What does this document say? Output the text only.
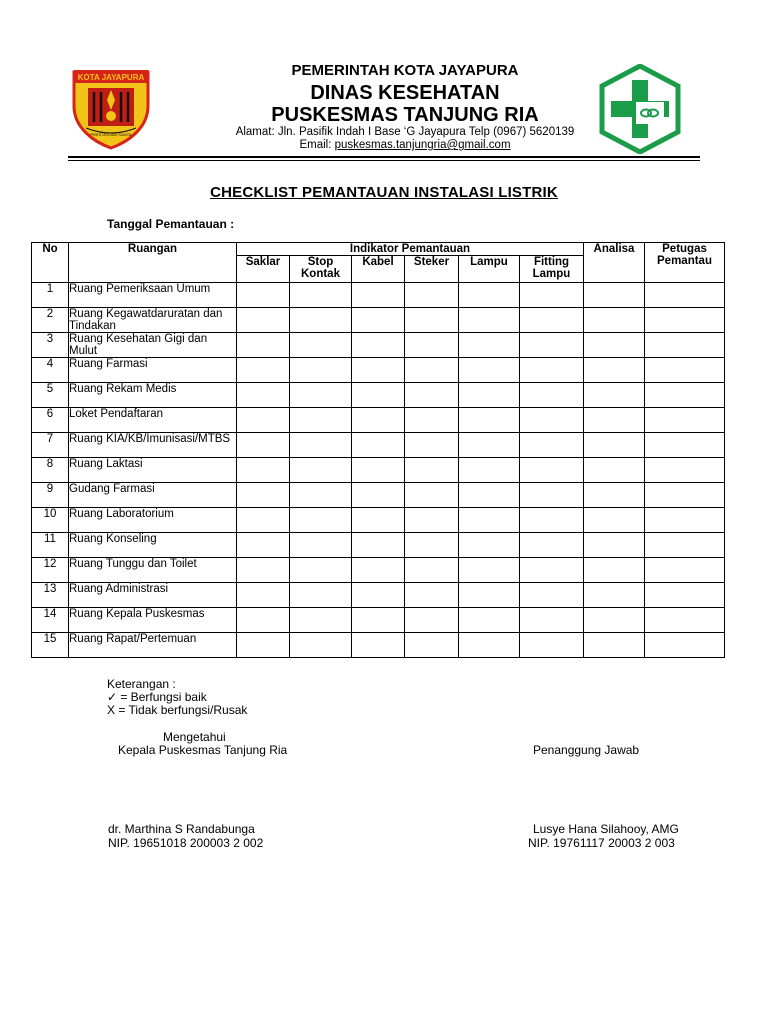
KOTA JAYAPURA
PRESTASI ADI SANTA
PEMERINTAH KOTA JAYAPURA
DINAS KESEHATAN
PUSKESMAS TANJUNG RIA
Alamat: Jln. Pasifik Indah I Base ‘G Jayapura Telp (0967) 5620139
Email: puskesmas.tanjungria@gmail.com
CHECKLIST PEMANTAUAN INSTALASI LISTRIK
Tanggal Pemantauan :
No	Ruangan	Indikator Pemantauan						Analisa	Petugas Pemantau
		Saklar	Stop Kontak	Kabel	Steker	Lampu	Fitting Lampu		
1	Ruang Pemeriksaan Umum								
2	Ruang Kegawatdaruratan dan Tindakan								
3	Ruang Kesehatan Gigi dan Mulut								
4	Ruang Farmasi								
5	Ruang Rekam Medis								
6	Loket Pendaftaran								
7	Ruang KIA/KB/Imunisasi/MTBS								
8	Ruang Laktasi								
9	Gudang Farmasi								
10	Ruang Laboratorium								
11	Ruang Konseling								
12	Ruang Tunggu dan Toilet								
13	Ruang Administrasi								
14	Ruang Kepala Puskesmas								
15	Ruang Rapat/Pertemuan								
Keterangan :
✓ = Berfungsi baik
X = Tidak berfungsi/Rusak
Mengetahui
Kepala Puskesmas Tanjung Ria	Penanggung Jawab
dr. Marthina S Randabunga
NIP. 19651018 200003 2 002
Lusye Hana Silahooy, AMG
NIP. 19761117 20003 2 003
